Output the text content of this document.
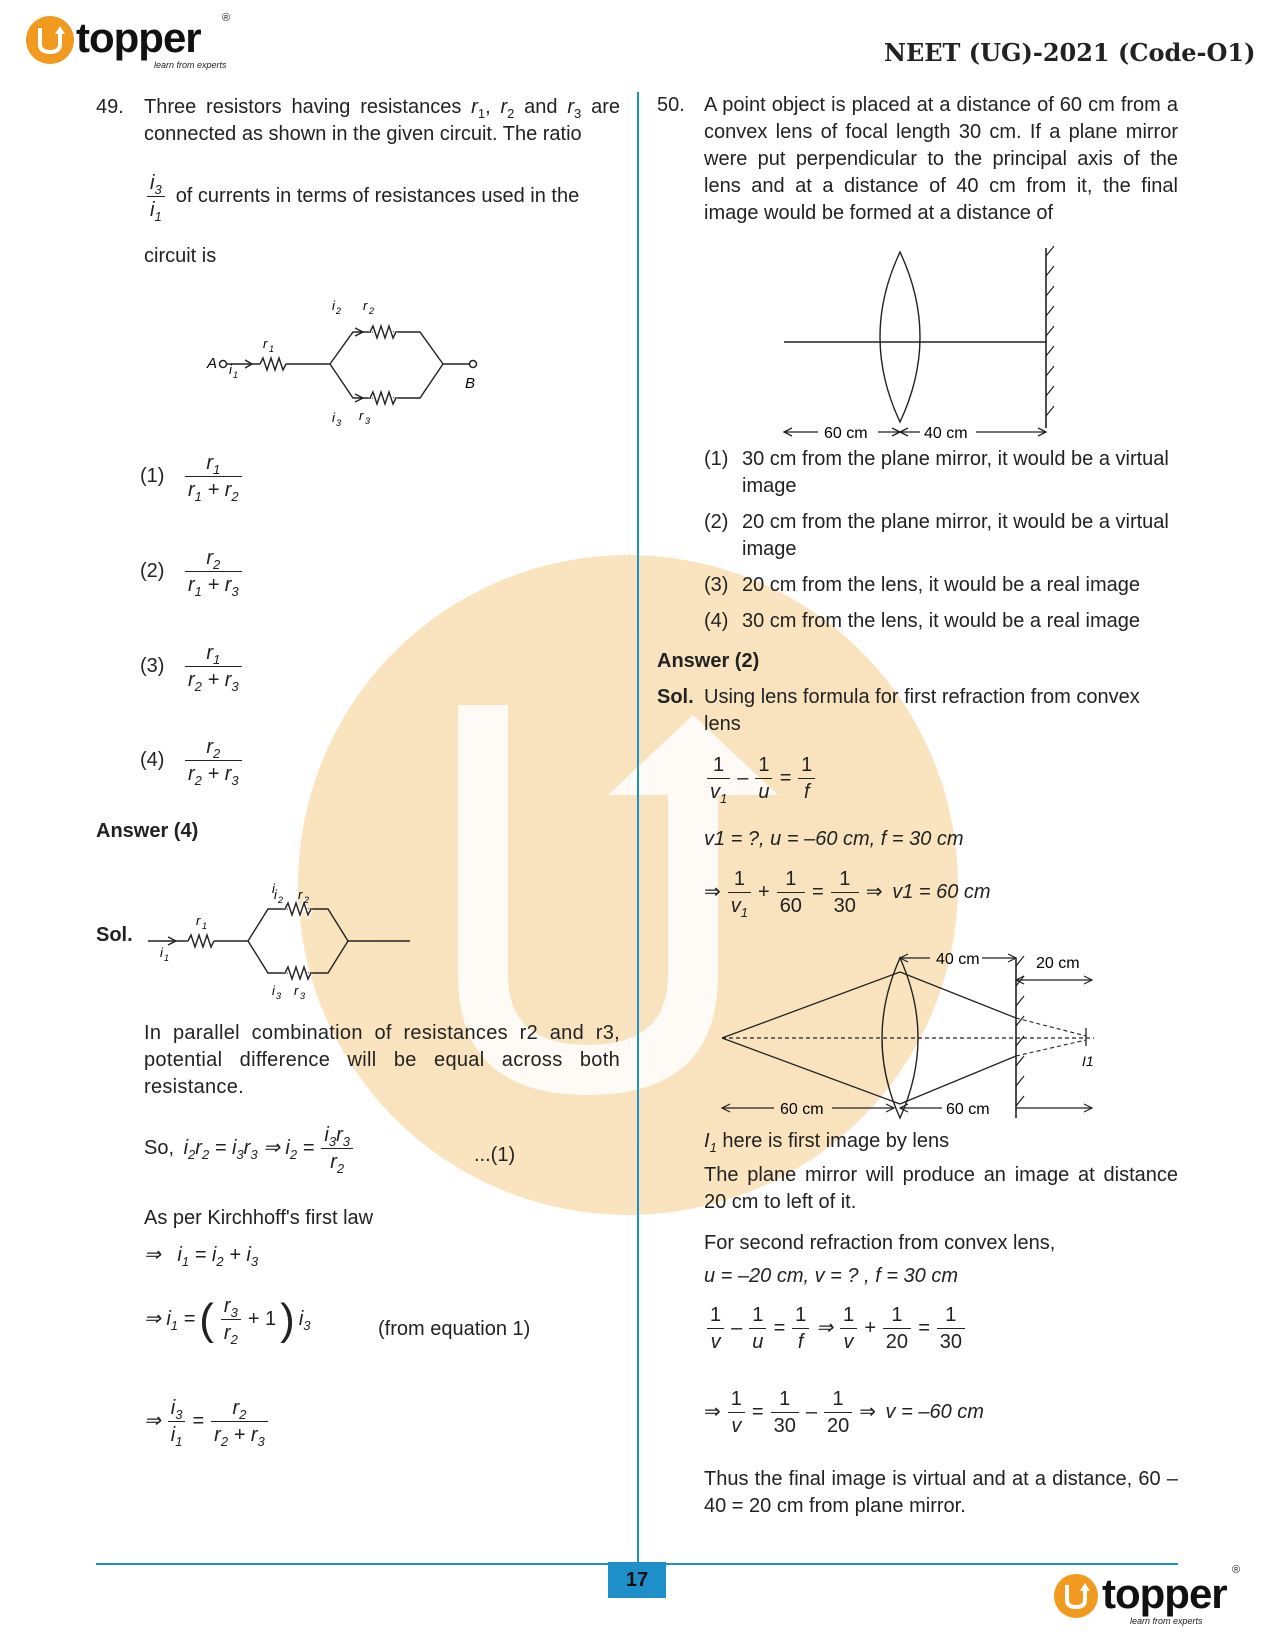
topper ®
learn from experts	NEET (UG)-2021 (Code-O1)
49. Three resistors having resistances $r_1$, $r_2$ and $r_3$ are connected as shown in the given circuit. The ratio
$\frac{i_3}{i_1}$ of currents in terms of resistances used in the
circuit is
A i 1
r 1
i 2 r 2
i 3 r 3
B
(1)	$\frac{r_1}{r_1 + r_2}$
(2)	$\frac{r_2}{r_1 + r_3}$
(3)	$\frac{r_1}{r_2 + r_3}$
(4)	$\frac{r_2}{r_2 + r_3}$
Answer (4)
Sol.
i 1
r 1
i i 2 r 2
i 3 r 3
In parallel combination of resistances r2 and r3, potential difference will be equal across both resistance.
So, $i_2r_2 = i_3r_3$ ⇒ $i_2 = \frac{i_3r_3}{r_2}$	...(1)
As per Kirchhoff's first law
⇒   $i_1 = i_2 + i_3$
⇒ $i_1$ = ( $\frac{r_3}{r_2} + 1$ ) $i_3$	(from equation 1)
⇒ $\frac{i_3}{i_1} = \frac{r_2}{r_2 + r_3}$
50. A point object is placed at a distance of 60 cm from a convex lens of focal length 30 cm. If a plane mirror were put perpendicular to the principal axis of the lens and at a distance of 40 cm from it, the final image would be formed at a distance of
60 cm	40 cm
(1) 30 cm from the plane mirror, it would be a virtual image
(2) 20 cm from the plane mirror, it would be a virtual image
(3) 20 cm from the lens, it would be a real image
(4) 30 cm from the lens, it would be a real image
Answer (2)
Sol. Using lens formula for first refraction from convex lens
$\frac{1}{v_1} - \frac{1}{u} = \frac{1}{f}$
v1 = ?, u = –60 cm, f = 30 cm
⇒ $\frac{1}{v_1} + \frac{1}{60} = \frac{1}{30}$ ⇒ v1 = 60 cm
I1
40 cm	20 cm
60 cm	60 cm
$I_1$ here is first image by lens
The plane mirror will produce an image at distance 20 cm to left of it.
For second refraction from convex lens,
u = –20 cm, v = ? , f = 30 cm
$\frac{1}{v} - \frac{1}{u} = \frac{1}{f}$ ⇒ $\frac{1}{v} + \frac{1}{20} = \frac{1}{30}$
⇒ $\frac{1}{v} = \frac{1}{30} - \frac{1}{20}$ ⇒ v = –60 cm
Thus the final image is virtual and at a distance, 60 – 40 = 20 cm from plane mirror.
17	topper ®
learn from experts
